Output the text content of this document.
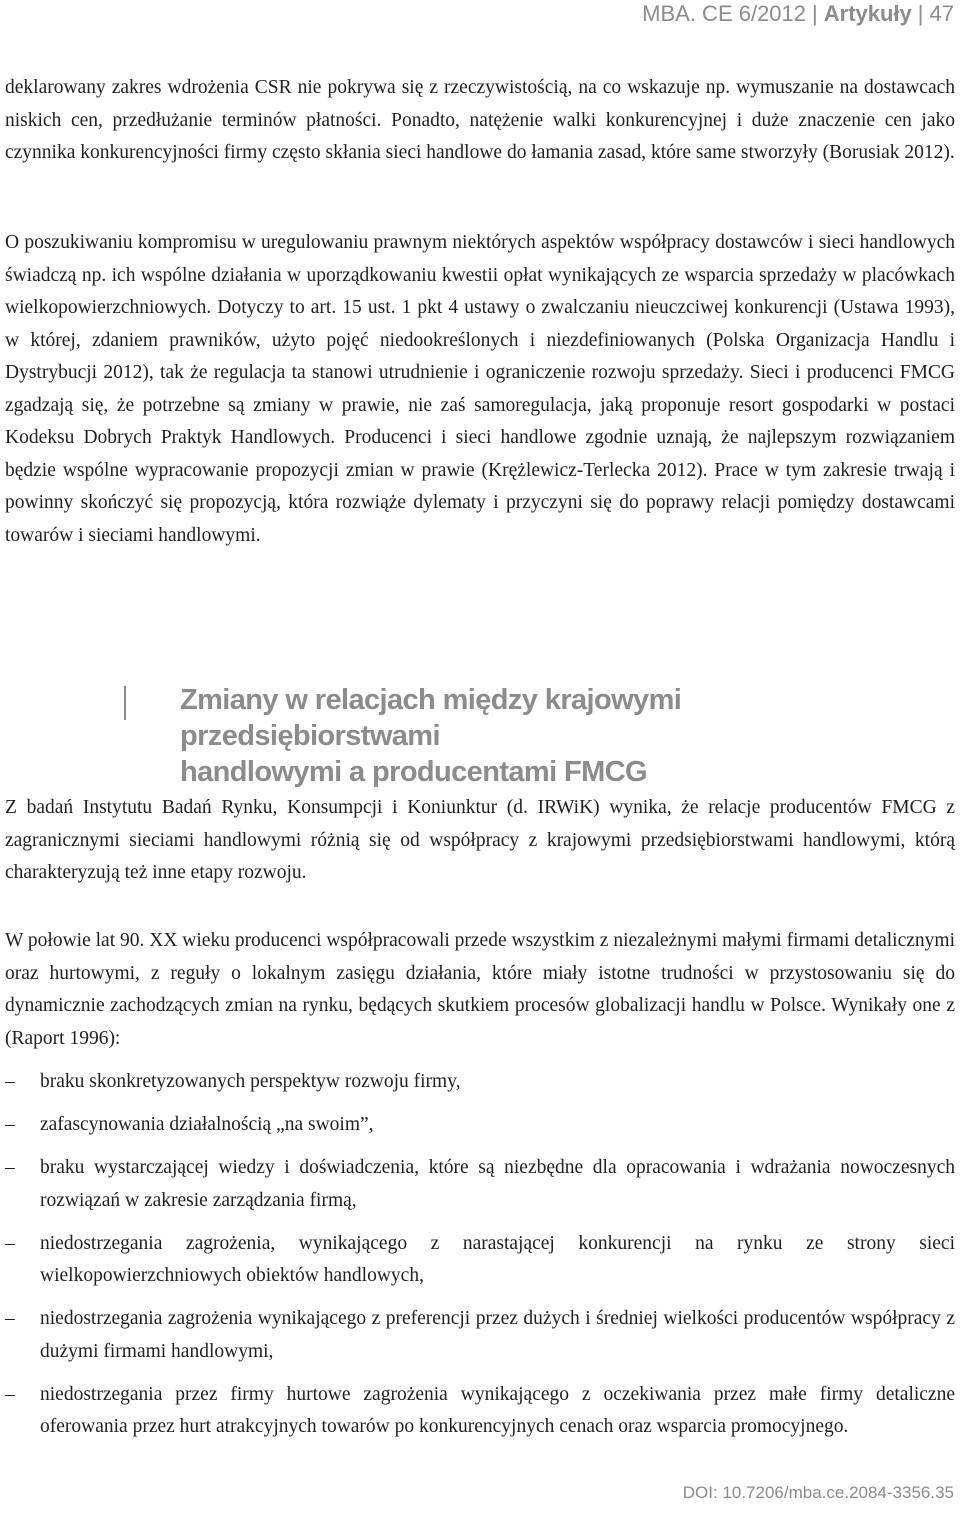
MBA. CE 6/2012 | Artykuły | 47

deklarowany zakres wdrożenia CSR nie pokrywa się z rzeczywistością, na co wskazuje np. wymuszanie na dostawcach niskich cen, przedłużanie terminów płatności. Ponadto, natężenie walki konkurencyjnej i duże znaczenie cen jako czynnika konkurencyjności firmy często skłania sieci handlowe do łamania zasad, które same stworzyły (Borusiak 2012).

O poszukiwaniu kompromisu w uregulowaniu prawnym niektórych aspektów współpracy dostawców i sieci handlowych świadczą np. ich wspólne działania w uporządkowaniu kwestii opłat wynikających ze wsparcia sprzedaży w placówkach wielkopowierzchniowych. Dotyczy to art. 15 ust. 1 pkt 4 ustawy o zwalczaniu nieuczciwej konkurencji (Ustawa 1993), w której, zdaniem prawników, użyto pojęć niedookreślonych i niezdefiniowanych (Polska Organizacja Handlu i Dystrybucji 2012), tak że regulacja ta stanowi utrudnienie i ograniczenie rozwoju sprzedaży. Sieci i producenci FMCG zgadzają się, że potrzebne są zmiany w prawie, nie zaś samoregulacja, jaką proponuje resort gospodarki w postaci Kodeksu Dobrych Praktyk Handlowych. Producenci i sieci handlowe zgodnie uznają, że najlepszym rozwiązaniem będzie wspólne wypracowanie propozycji zmian w prawie (Krężlewicz-Terlecka 2012). Prace w tym zakresie trwają i powinny skończyć się propozycją, która rozwiąże dylematy i przyczyni się do poprawy relacji pomiędzy dostawcami towarów i sieciami handlowymi.

Zmiany w relacjach między krajowymi przedsiębiorstwami
handlowymi a producentami FMCG

Z badań Instytutu Badań Rynku, Konsumpcji i Koniunktur (d. IRWiK) wynika, że relacje producentów FMCG z zagranicznymi sieciami handlowymi różnią się od współpracy z krajowymi przedsiębiorstwami handlowymi, którą charakteryzują też inne etapy rozwoju.

W połowie lat 90. XX wieku producenci współpracowali przede wszystkim z niezależnymi małymi firmami detalicznymi oraz hurtowymi, z reguły o lokalnym zasięgu działania, które miały istotne trudności w przystosowaniu się do dynamicznie zachodzących zmian na rynku, będących skutkiem procesów globalizacji handlu w Polsce. Wynikały one z (Raport 1996):

– braku skonkretyzowanych perspektyw rozwoju firmy,
– zafascynowania działalnością „na swoim”,
– braku wystarczającej wiedzy i doświadczenia, które są niezbędne dla opracowania i wdrażania nowoczesnych rozwiązań w zakresie zarządzania firmą,
– niedostrzegania zagrożenia, wynikającego z narastającej konkurencji na rynku ze strony sieci wielkopowierzchniowych obiektów handlowych,
– niedostrzegania zagrożenia wynikającego z preferencji przez dużych i średniej wielkości producentów współpracy z dużymi firmami handlowymi,
– niedostrzegania przez firmy hurtowe zagrożenia wynikającego z oczekiwania przez małe firmy detaliczne oferowania przez hurt atrakcyjnych towarów po konkurencyjnych cenach oraz wsparcia promocyjnego.
DOI: 10.7206/mba.ce.2084-3356.35
